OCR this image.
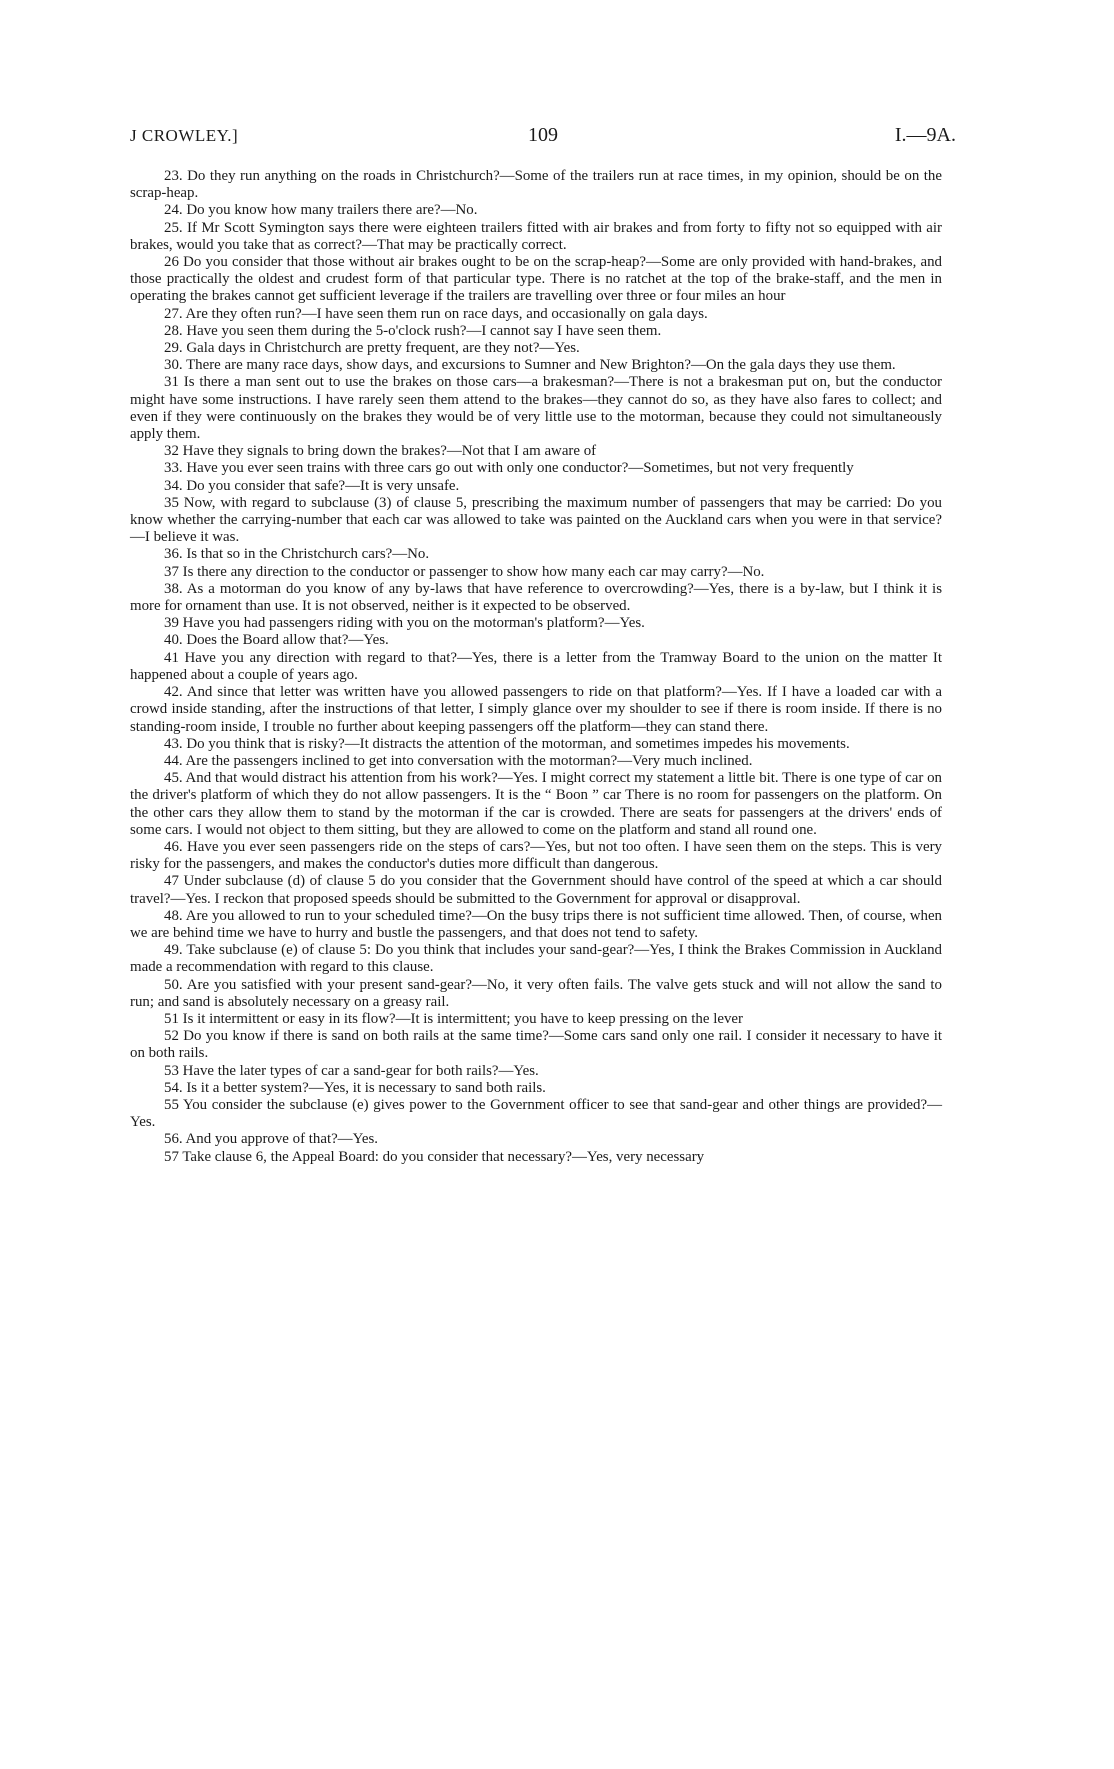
J CROWLEY.]	109	I.—9A.

23. Do they run anything on the roads in Christchurch?—Some of the trailers run at race times, in my opinion, should be on the scrap-heap.

24. Do you know how many trailers there are?—No.

25. If Mr Scott Symington says there were eighteen trailers fitted with air brakes and from forty to fifty not so equipped with air brakes, would you take that as correct?—That may be practically correct.

26 Do you consider that those without air brakes ought to be on the scrap-heap?—Some are only provided with hand-brakes, and those practically the oldest and crudest form of that particular type. There is no ratchet at the top of the brake-staff, and the men in operating the brakes cannot get sufficient leverage if the trailers are travelling over three or four miles an hour

27. Are they often run?—I have seen them run on race days, and occasionally on gala days.

28. Have you seen them during the 5-o'clock rush?—I cannot say I have seen them.

29. Gala days in Christchurch are pretty frequent, are they not?—Yes.

30. There are many race days, show days, and excursions to Sumner and New Brighton?—On the gala days they use them.

31 Is there a man sent out to use the brakes on those cars—a brakesman?—There is not a brakesman put on, but the conductor might have some instructions. I have rarely seen them attend to the brakes—they cannot do so, as they have also fares to collect; and even if they were continuously on the brakes they would be of very little use to the motorman, because they could not simultaneously apply them.

32 Have they signals to bring down the brakes?—Not that I am aware of

33. Have you ever seen trains with three cars go out with only one conductor?—Sometimes, but not very frequently

34. Do you consider that safe?—It is very unsafe.

35 Now, with regard to subclause (3) of clause 5, prescribing the maximum number of passengers that may be carried: Do you know whether the carrying-number that each car was allowed to take was painted on the Auckland cars when you were in that service?—I believe it was.

36. Is that so in the Christchurch cars?—No.

37 Is there any direction to the conductor or passenger to show how many each car may carry?—No.

38. As a motorman do you know of any by-laws that have reference to overcrowding?—Yes, there is a by-law, but I think it is more for ornament than use. It is not observed, neither is it expected to be observed.

39 Have you had passengers riding with you on the motorman's platform?—Yes.

40. Does the Board allow that?—Yes.

41 Have you any direction with regard to that?—Yes, there is a letter from the Tramway Board to the union on the matter It happened about a couple of years ago.

42. And since that letter was written have you allowed passengers to ride on that platform?—Yes. If I have a loaded car with a crowd inside standing, after the instructions of that letter, I simply glance over my shoulder to see if there is room inside. If there is no standing-room inside, I trouble no further about keeping passengers off the platform—they can stand there.

43. Do you think that is risky?—It distracts the attention of the motorman, and sometimes impedes his movements.

44. Are the passengers inclined to get into conversation with the motorman?—Very much inclined.

45. And that would distract his attention from his work?—Yes. I might correct my statement a little bit. There is one type of car on the driver's platform of which they do not allow passengers. It is the “ Boon ” car There is no room for passengers on the platform. On the other cars they allow them to stand by the motorman if the car is crowded. There are seats for passengers at the drivers' ends of some cars. I would not object to them sitting, but they are allowed to come on the platform and stand all round one.

46. Have you ever seen passengers ride on the steps of cars?—Yes, but not too often. I have seen them on the steps. This is very risky for the passengers, and makes the conductor's duties more difficult than dangerous.

47 Under subclause (d) of clause 5 do you consider that the Government should have control of the speed at which a car should travel?—Yes. I reckon that proposed speeds should be submitted to the Government for approval or disapproval.

48. Are you allowed to run to your scheduled time?—On the busy trips there is not sufficient time allowed. Then, of course, when we are behind time we have to hurry and bustle the passengers, and that does not tend to safety.

49. Take subclause (e) of clause 5: Do you think that includes your sand-gear?—Yes, I think the Brakes Commission in Auckland made a recommendation with regard to this clause.

50. Are you satisfied with your present sand-gear?—No, it very often fails. The valve gets stuck and will not allow the sand to run; and sand is absolutely necessary on a greasy rail.

51 Is it intermittent or easy in its flow?—It is intermittent; you have to keep pressing on the lever

52 Do you know if there is sand on both rails at the same time?—Some cars sand only one rail. I consider it necessary to have it on both rails.

53 Have the later types of car a sand-gear for both rails?—Yes.

54. Is it a better system?—Yes, it is necessary to sand both rails.

55 You consider the subclause (e) gives power to the Government officer to see that sand-gear and other things are provided?—Yes.

56. And you approve of that?—Yes.

57 Take clause 6, the Appeal Board: do you consider that necessary?—Yes, very necessary
